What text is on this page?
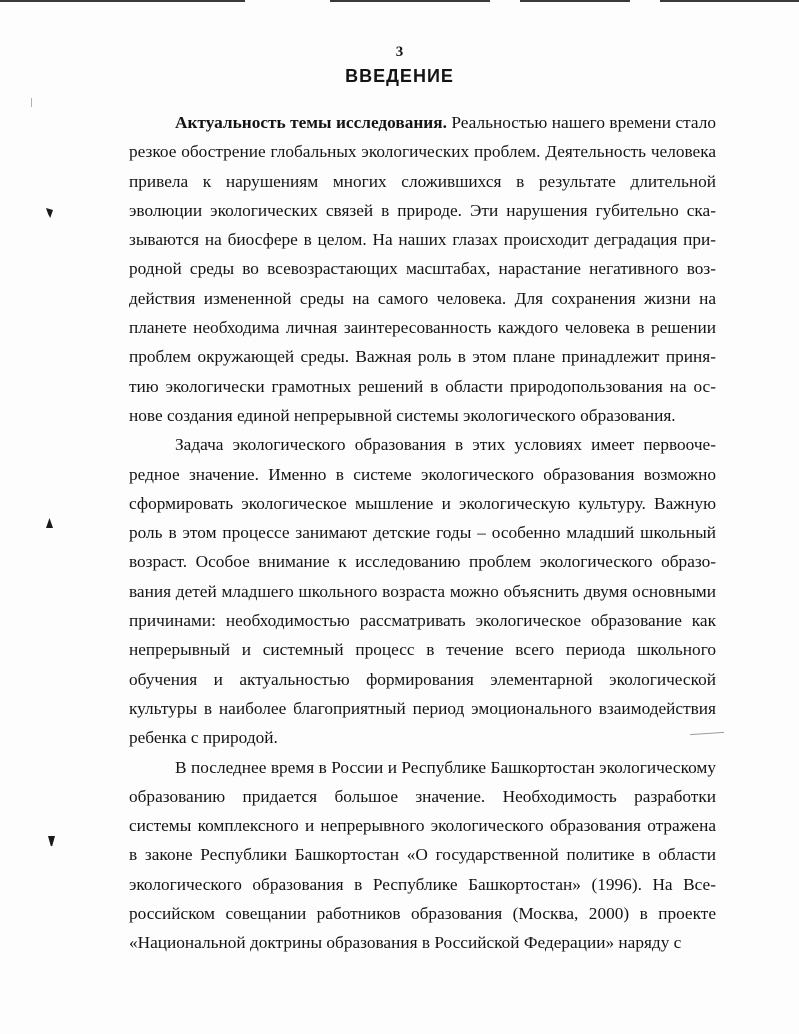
3
ВВЕДЕНИЕ

Актуальность темы исследования. Реальностью нашего времени стало резкое обострение глобальных экологических проблем. Деятельность человека привела к нарушениям многих сложившихся в результате длительной эволюции экологических связей в природе. Эти нарушения губительно сказываются на биосфере в целом. На наших глазах происходит деградация природной среды во всевозрастающих масштабах, нарастание негативного воздействия измененной среды на самого человека. Для сохранения жизни на планете необходима личная заинтересованность каждого человека в решении проблем окружающей среды. Важная роль в этом плане принадлежит принятию экологически грамотных решений в области природопользования на основе создания единой непрерывной системы экологического образования.

Задача экологического образования в этих условиях имеет первоочередное значение. Именно в системе экологического образования возможно сформировать экологическое мышление и экологическую культуру. Важную роль в этом процессе занимают детские годы – особенно младший школьный возраст. Особое внимание к исследованию проблем экологического образования детей младшего школьного возраста можно объяснить двумя основными причинами: необходимостью рассматривать экологическое образование как непрерывный и системный процесс в течение всего периода школьного обучения и актуальностью формирования элементарной экологической культуры в наиболее благоприятный период эмоционального взаимодействия ребенка с природой.

В последнее время в России и Республике Башкортостан экологическому образованию придается большое значение. Необходимость разработки системы комплексного и непрерывного экологического образования отражена в законе Республики Башкортостан «О государственной политике в области экологического образования в Республике Башкортостан» (1996). На Всероссийском совещании работников образования (Москва, 2000) в проекте «Национальной доктрины образования в Российской Федерации» наряду с
